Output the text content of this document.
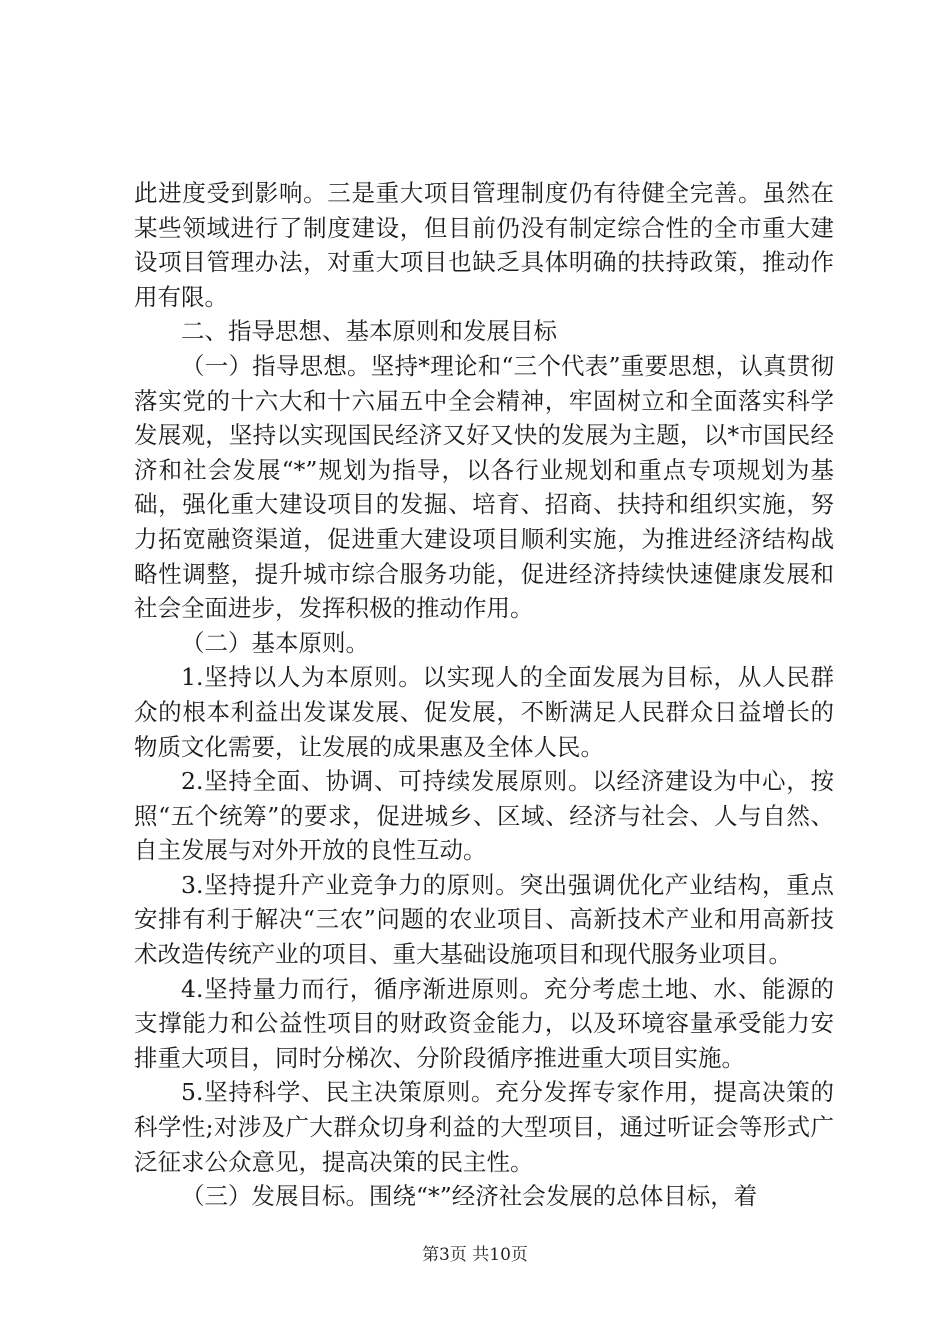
此进度受到影响。三是重大项目管理制度仍有待健全完善。虽然在某些领域进行了制度建设，但目前仍没有制定综合性的全市重大建设项目管理办法，对重大项目也缺乏具体明确的扶持政策，推动作用有限。

二、指导思想、基本原则和发展目标

（一）指导思想。坚持*理论和“三个代表”重要思想，认真贯彻落实党的十六大和十六届五中全会精神，牢固树立和全面落实科学发展观，坚持以实现国民经济又好又快的发展为主题，以*市国民经济和社会发展“*”规划为指导，以各行业规划和重点专项规划为基础，强化重大建设项目的发掘、培育、招商、扶持和组织实施，努力拓宽融资渠道，促进重大建设项目顺利实施，为推进经济结构战略性调整，提升城市综合服务功能，促进经济持续快速健康发展和社会全面进步，发挥积极的推动作用。

（二）基本原则。

1.坚持以人为本原则。以实现人的全面发展为目标，从人民群众的根本利益出发谋发展、促发展，不断满足人民群众日益增长的物质文化需要，让发展的成果惠及全体人民。

2.坚持全面、协调、可持续发展原则。以经济建设为中心，按照“五个统筹”的要求，促进城乡、区域、经济与社会、人与自然、自主发展与对外开放的良性互动。

3.坚持提升产业竞争力的原则。突出强调优化产业结构，重点安排有利于解决“三农”问题的农业项目、高新技术产业和用高新技术改造传统产业的项目、重大基础设施项目和现代服务业项目。

4.坚持量力而行，循序渐进原则。充分考虑土地、水、能源的支撑能力和公益性项目的财政资金能力，以及环境容量承受能力安排重大项目，同时分梯次、分阶段循序推进重大项目实施。

5.坚持科学、民主决策原则。充分发挥专家作用，提高决策的科学性;对涉及广大群众切身利益的大型项目，通过听证会等形式广泛征求公众意见，提高决策的民主性。

（三）发展目标。围绕“*”经济社会发展的总体目标，着

第3页 共10页
